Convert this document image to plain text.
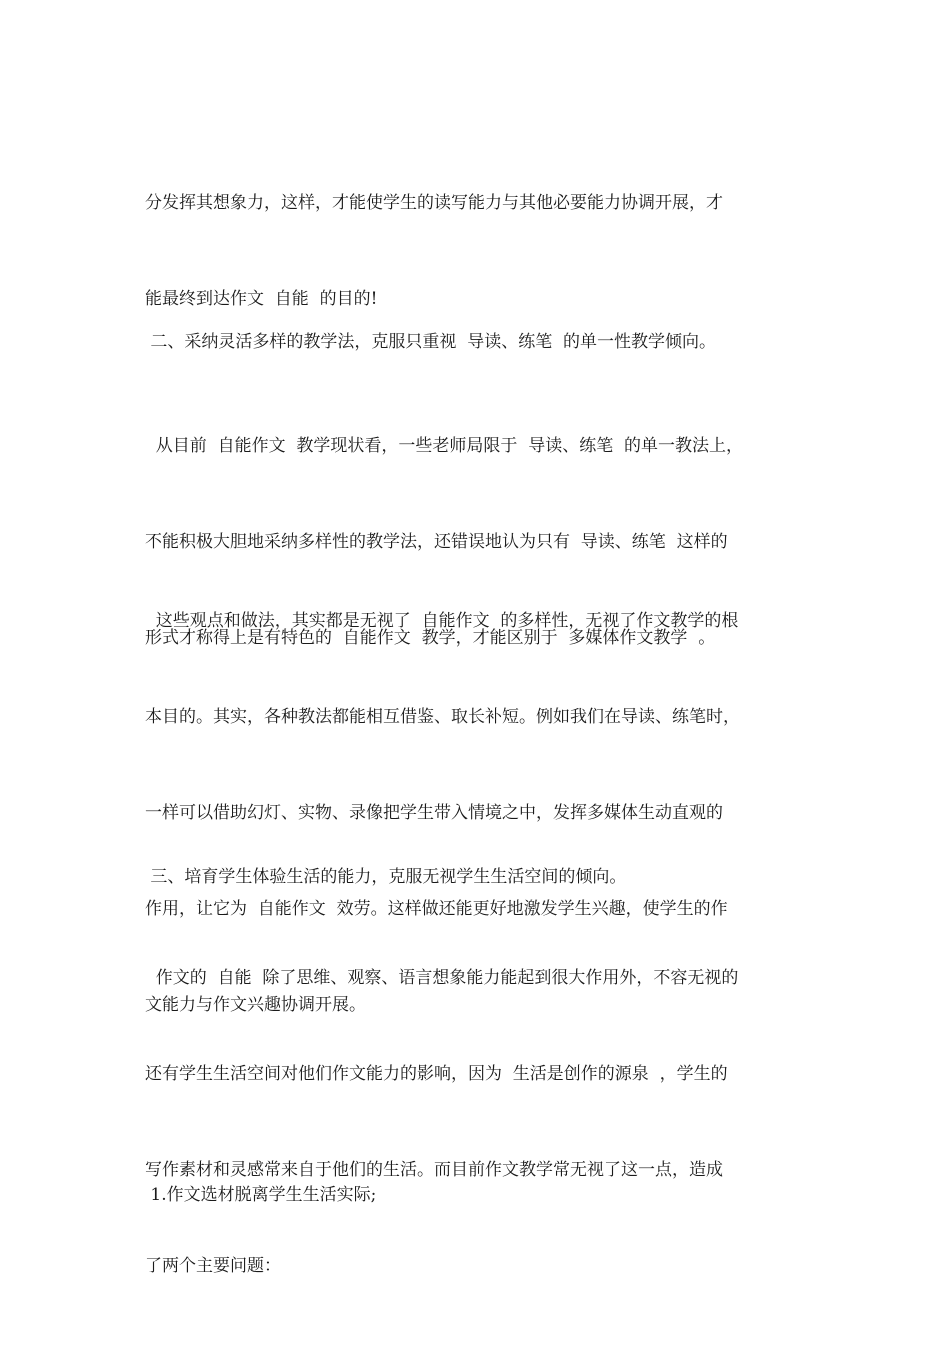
分发挥其想象力，这样，才能使学生的读写能力与其他必要能力协调开展，才

能最终到达作文  自能  的目的!

二、采纳灵活多样的教学法，克服只重视  导读、练笔  的单一性教学倾向。

从目前  自能作文  教学现状看，一些老师局限于  导读、练笔  的单一教法上，

不能积极大胆地采纳多样性的教学法，还错误地认为只有  导读、练笔  这样的

形式才称得上是有特色的  自能作文  教学，才能区别于  多媒体作文教学  。

这些观点和做法，其实都是无视了  自能作文  的多样性，无视了作文教学的根

本目的。其实，各种教法都能相互借鉴、取长补短。例如我们在导读、练笔时，

一样可以借助幻灯、实物、录像把学生带入情境之中，发挥多媒体生动直观的

作用，让它为  自能作文  效劳。这样做还能更好地激发学生兴趣，使学生的作

文能力与作文兴趣协调开展。

三、培育学生体验生活的能力，克服无视学生生活空间的倾向。

作文的  自能  除了思维、观察、语言想象能力能起到很大作用外，不容无视的

还有学生生活空间对他们作文能力的影响，因为  生活是创作的源泉  ，学生的

写作素材和灵感常来自于他们的生活。而目前作文教学常无视了这一点，造成

了两个主要问题：

1.作文选材脱离学生生活实际;
